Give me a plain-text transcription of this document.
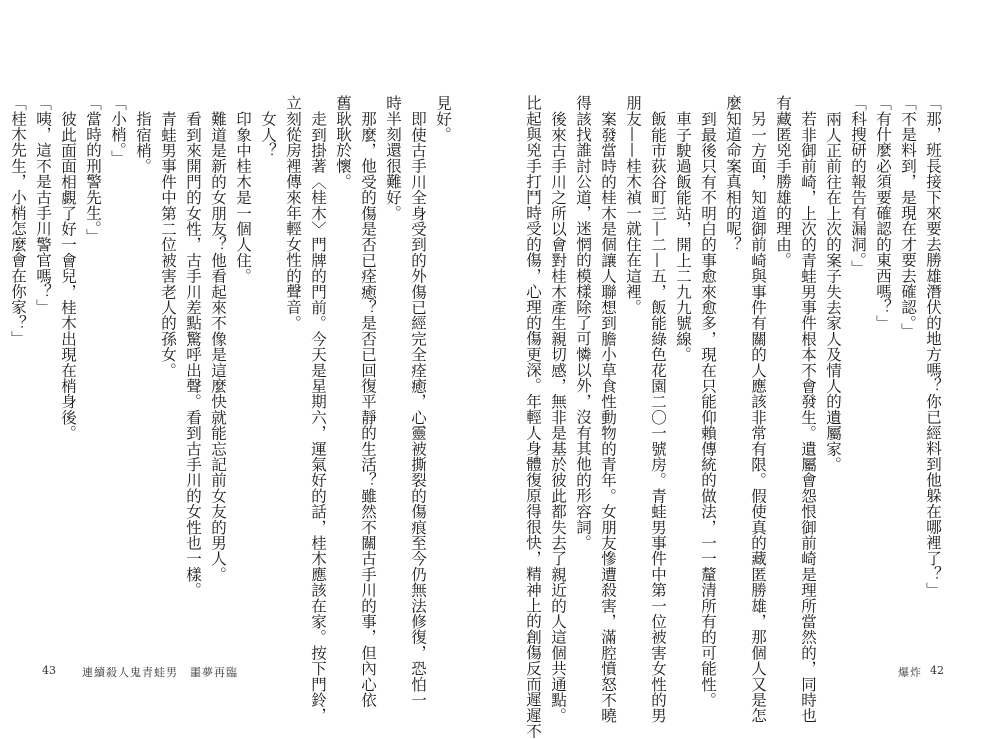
見好。

即使古手川全身受到的外傷已經完全痊癒，心靈被撕裂的傷痕至今仍無法修復，恐怕一

時半刻還很難好。

那麼，他受的傷是否已痊癒？是否已回復平靜的生活？雖然不關古手川的事，但內心依

舊耿耿於懷。

走到掛著〈桂木〉門牌的門前。今天是星期六，運氣好的話，桂木應該在家。按下門鈴，

立刻從房裡傳來年輕女性的聲音。

女人？

印象中桂木是一個人住。

難道是新的女朋友？他看起來不像是這麼快就能忘記前女友的男人。

看到來開門的女性，古手川差點驚呼出聲。看到古手川的女性也一樣。

青蛙男事件中第二位被害老人的孫女。

指宿梢。

「小梢。」

「當時的刑警先生。」

彼此面面相覷了好一會兒，桂木出現在梢身後。

「咦，這不是古手川警官嗎？」

「桂木先生，小梢怎麼會在你家？」

43 連續殺人鬼青蛙男　噩夢再臨

「那，班長接下來要去勝雄潛伏的地方嗎？你已經料到他躲在哪裡了？」

「不是料到，是現在才要去確認。」

「有什麼必須要確認的東西嗎？」

「科搜研的報告有漏洞。」

兩人正前往在上次的案子失去家人及情人的遺屬家。

若非御前崎，上次的青蛙男事件根本不會發生。遺屬會怨恨御前崎是理所當然的，同時也

有藏匿兇手勝雄的理由。

另一方面，知道御前崎與事件有關的人應該非常有限。假使真的藏匿勝雄，那個人又是怎

麼知道命案真相的呢？

到最後只有不明白的事愈來愈多，現在只能仰賴傳統的做法，一一釐清所有的可能性。

車子駛過飯能站，開上二九九號線。

飯能市荻谷町三—二—五，飯能綠色花園二〇一號房。青蛙男事件中第一位被害女性的男

朋友——桂木禎一就住在這裡。

案發當時的桂木是個讓人聯想到膽小草食性動物的青年。女朋友慘遭殺害，滿腔憤怒不曉

得該找誰討公道，迷惘的模樣除了可憐以外，沒有其他的形容詞。

後來古手川之所以會對桂木產生親切感，無非是基於彼此都失去了親近的人這個共通點。

比起與兇手打鬥時受的傷，心理的傷更深。年輕人身體復原得很快，精神上的創傷反而遲遲不	爆炸 42
